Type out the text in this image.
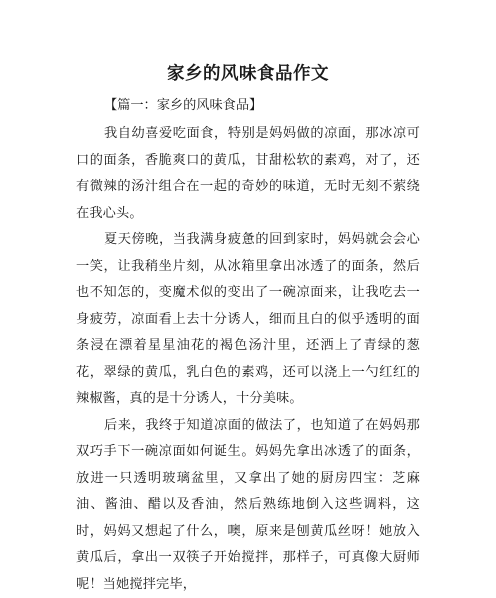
家乡的风味食品作文
【篇一：家乡的风味食品】

我自幼喜爱吃面食，特别是妈妈做的凉面，那冰凉可口的面条，香脆爽口的黄瓜，甘甜松软的素鸡，对了，还有微辣的汤汁组合在一起的奇妙的味道，无时无刻不萦绕在我心头。

夏天傍晚，当我满身疲惫的回到家时，妈妈就会会心一笑，让我稍坐片刻，从冰箱里拿出冰透了的面条，然后也不知怎的，变魔术似的变出了一碗凉面来，让我吃去一身疲劳，凉面看上去十分诱人，细而且白的似乎透明的面条浸在漂着星星油花的褐色汤汁里，还洒上了青绿的葱花，翠绿的黄瓜，乳白色的素鸡，还可以浇上一勺红红的辣椒酱，真的是十分诱人，十分美味。

后来，我终于知道凉面的做法了，也知道了在妈妈那双巧手下一碗凉面如何诞生。妈妈先拿出冰透了的面条，放进一只透明玻璃盆里，又拿出了她的厨房四宝：芝麻油、酱油、醋以及香油，然后熟练地倒入这些调料，这时，妈妈又想起了什么，噢，原来是刨黄瓜丝呀！她放入黄瓜后，拿出一双筷子开始搅拌，那样子，可真像大厨师呢！当她搅拌完毕，
